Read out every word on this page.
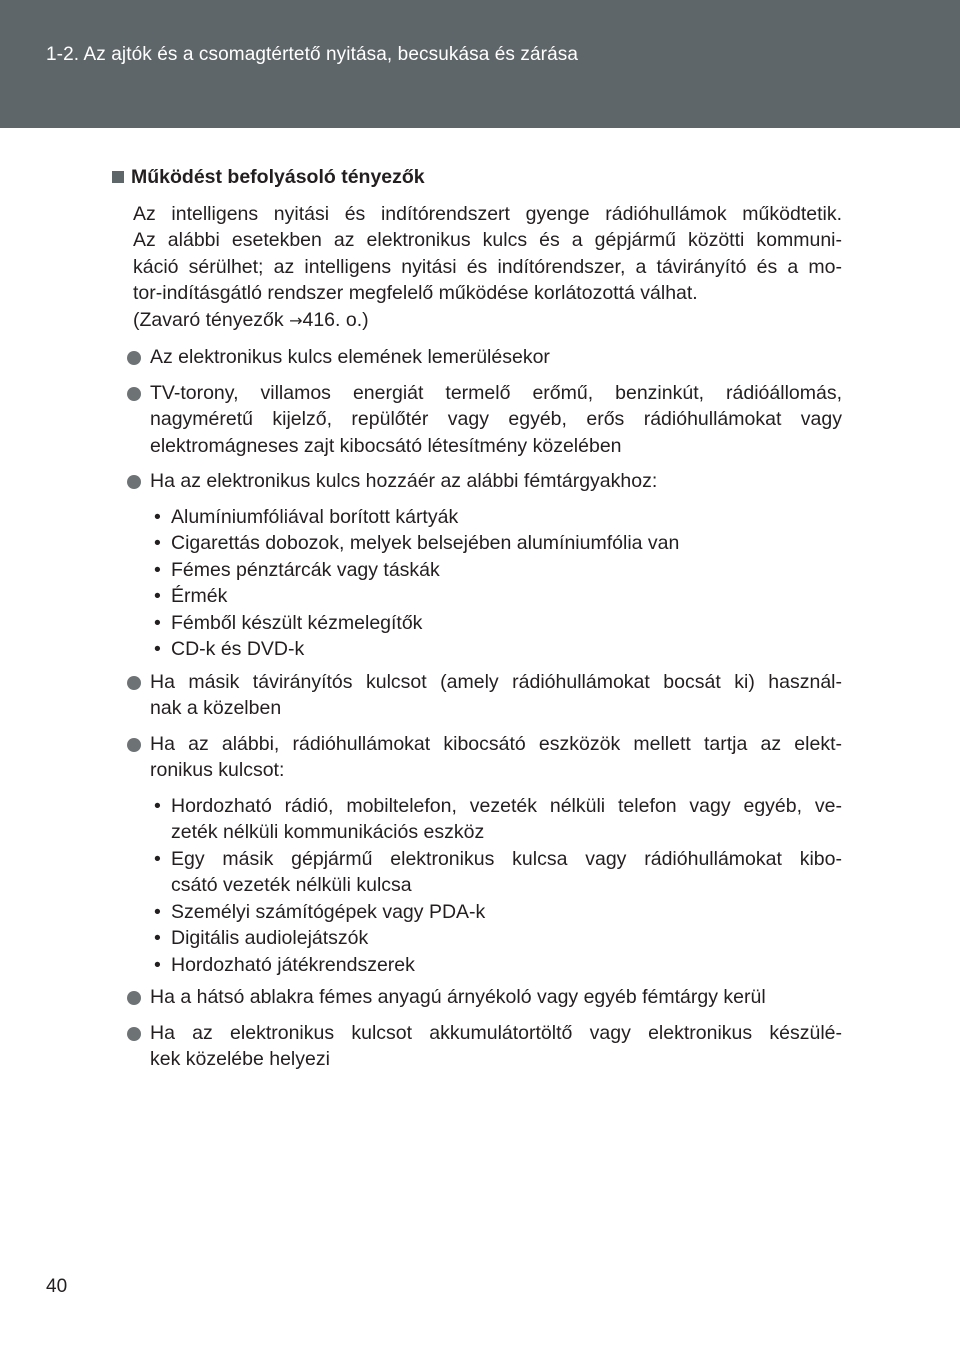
1-2. Az ajtók és a csomagtértető nyitása, becsukása és zárása
Működést befolyásoló tényezők
Az intelligens nyitási és indítórendszert gyenge rádióhullámok működtetik.
Az alábbi esetekben az elektronikus kulcs és a gépjármű közötti kommuni-
káció sérülhet; az intelligens nyitási és indítórendszer, a távirányító és a mo-
tor-indításgátló rendszer megfelelő működése korlátozottá válhat.
(Zavaró tényezők →416. o.)
Az elektronikus kulcs elemének lemerülésekor
TV-torony, villamos energiát termelő erőmű, benzinkút, rádióállomás,
nagyméretű kijelző, repülőtér vagy egyéb, erős rádióhullámokat vagy
elektromágneses zajt kibocsátó létesítmény közelében
Ha az elektronikus kulcs hozzáér az alábbi fémtárgyakhoz:
• Alumíniumfóliával borított kártyák
• Cigarettás dobozok, melyek belsejében alumíniumfólia van
• Fémes pénztárcák vagy táskák
• Érmék
• Fémből készült kézmelegítők
• CD-k és DVD-k
Ha másik távirányítós kulcsot (amely rádióhullámokat bocsát ki) használ-
nak a közelben
Ha az alábbi, rádióhullámokat kibocsátó eszközök mellett tartja az elekt-
ronikus kulcsot:
• Hordozható rádió, mobiltelefon, vezeték nélküli telefon vagy egyéb, ve-
zeték nélküli kommunikációs eszköz
• Egy másik gépjármű elektronikus kulcsa vagy rádióhullámokat kibo-
csátó vezeték nélküli kulcsa
• Személyi számítógépek vagy PDA-k
• Digitális audiolejátszók
• Hordozható játékrendszerek
Ha a hátsó ablakra fémes anyagú árnyékoló vagy egyéb fémtárgy kerül
Ha az elektronikus kulcsot akkumulátortöltő vagy elektronikus készülé-
kek közelébe helyezi
40
